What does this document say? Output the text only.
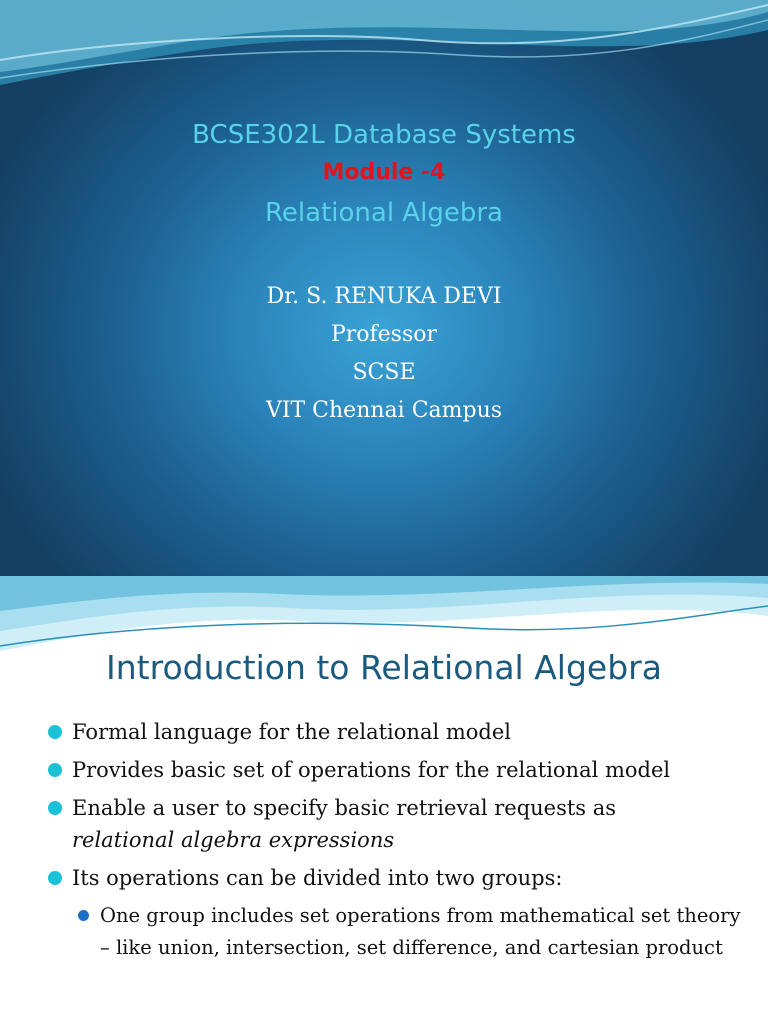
BCSE302L Database Systems
Module -4
Relational Algebra
Dr. S. RENUKA DEVI
Professor
SCSE
VIT Chennai Campus
Introduction to Relational Algebra
Formal language for the relational model
Provides basic set of operations for the relational model
Enable a user to specify basic retrieval requests as
relational algebra expressions
Its operations can be divided into two groups:
One group includes set operations from mathematical set theory – like union, intersection, set difference, and cartesian product
